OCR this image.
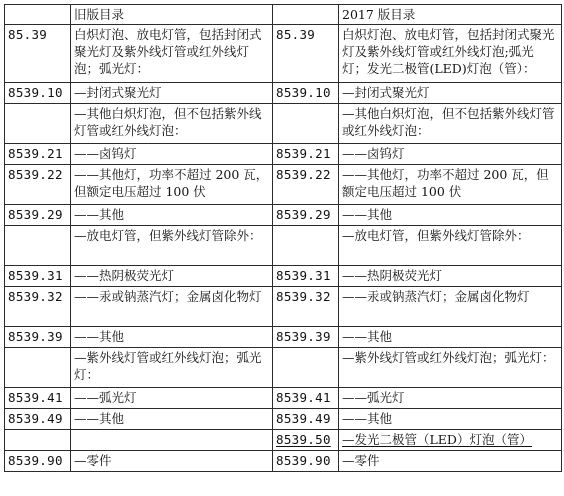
	旧版目录		2017 版目录
85.39	白炽灯泡、放电灯管，包括封闭式聚光灯及紫外线灯管或红外线灯泡；弧光灯：	85.39	白炽灯泡、放电灯管，包括封闭式聚光灯及紫外线灯管或红外线灯泡;弧光灯；发光二极管(LED)灯泡（管）：
8539.10	—封闭式聚光灯	8539.10	—封闭式聚光灯
	—其他白炽灯泡，但不包括紫外线灯管或红外线灯泡：		—其他白炽灯泡，但不包括紫外线灯管或红外线灯泡：
8539.21	——卤钨灯	8539.21	——卤钨灯
8539.22	——其他灯，功率不超过 200 瓦，但额定电压超过 100 伏	8539.22	——其他灯，功率不超过 200 瓦，但额定电压超过 100 伏
8539.29	——其他	8539.29	——其他
	—放电灯管，但紫外线灯管除外：		—放电灯管，但紫外线灯管除外：
8539.31	——热阴极荧光灯	8539.31	——热阴极荧光灯
8539.32	——汞或钠蒸汽灯；金属卤化物灯	8539.32	——汞或钠蒸汽灯；金属卤化物灯
8539.39	——其他	8539.39	——其他
	—紫外线灯管或红外线灯泡；弧光灯：		—紫外线灯管或红外线灯泡；弧光灯：
8539.41	——弧光灯	8539.41	——弧光灯
8539.49	——其他	8539.49	——其他
		8539.50	—发光二极管（LED）灯泡（管）
8539.90	—零件	8539.90	—零件
